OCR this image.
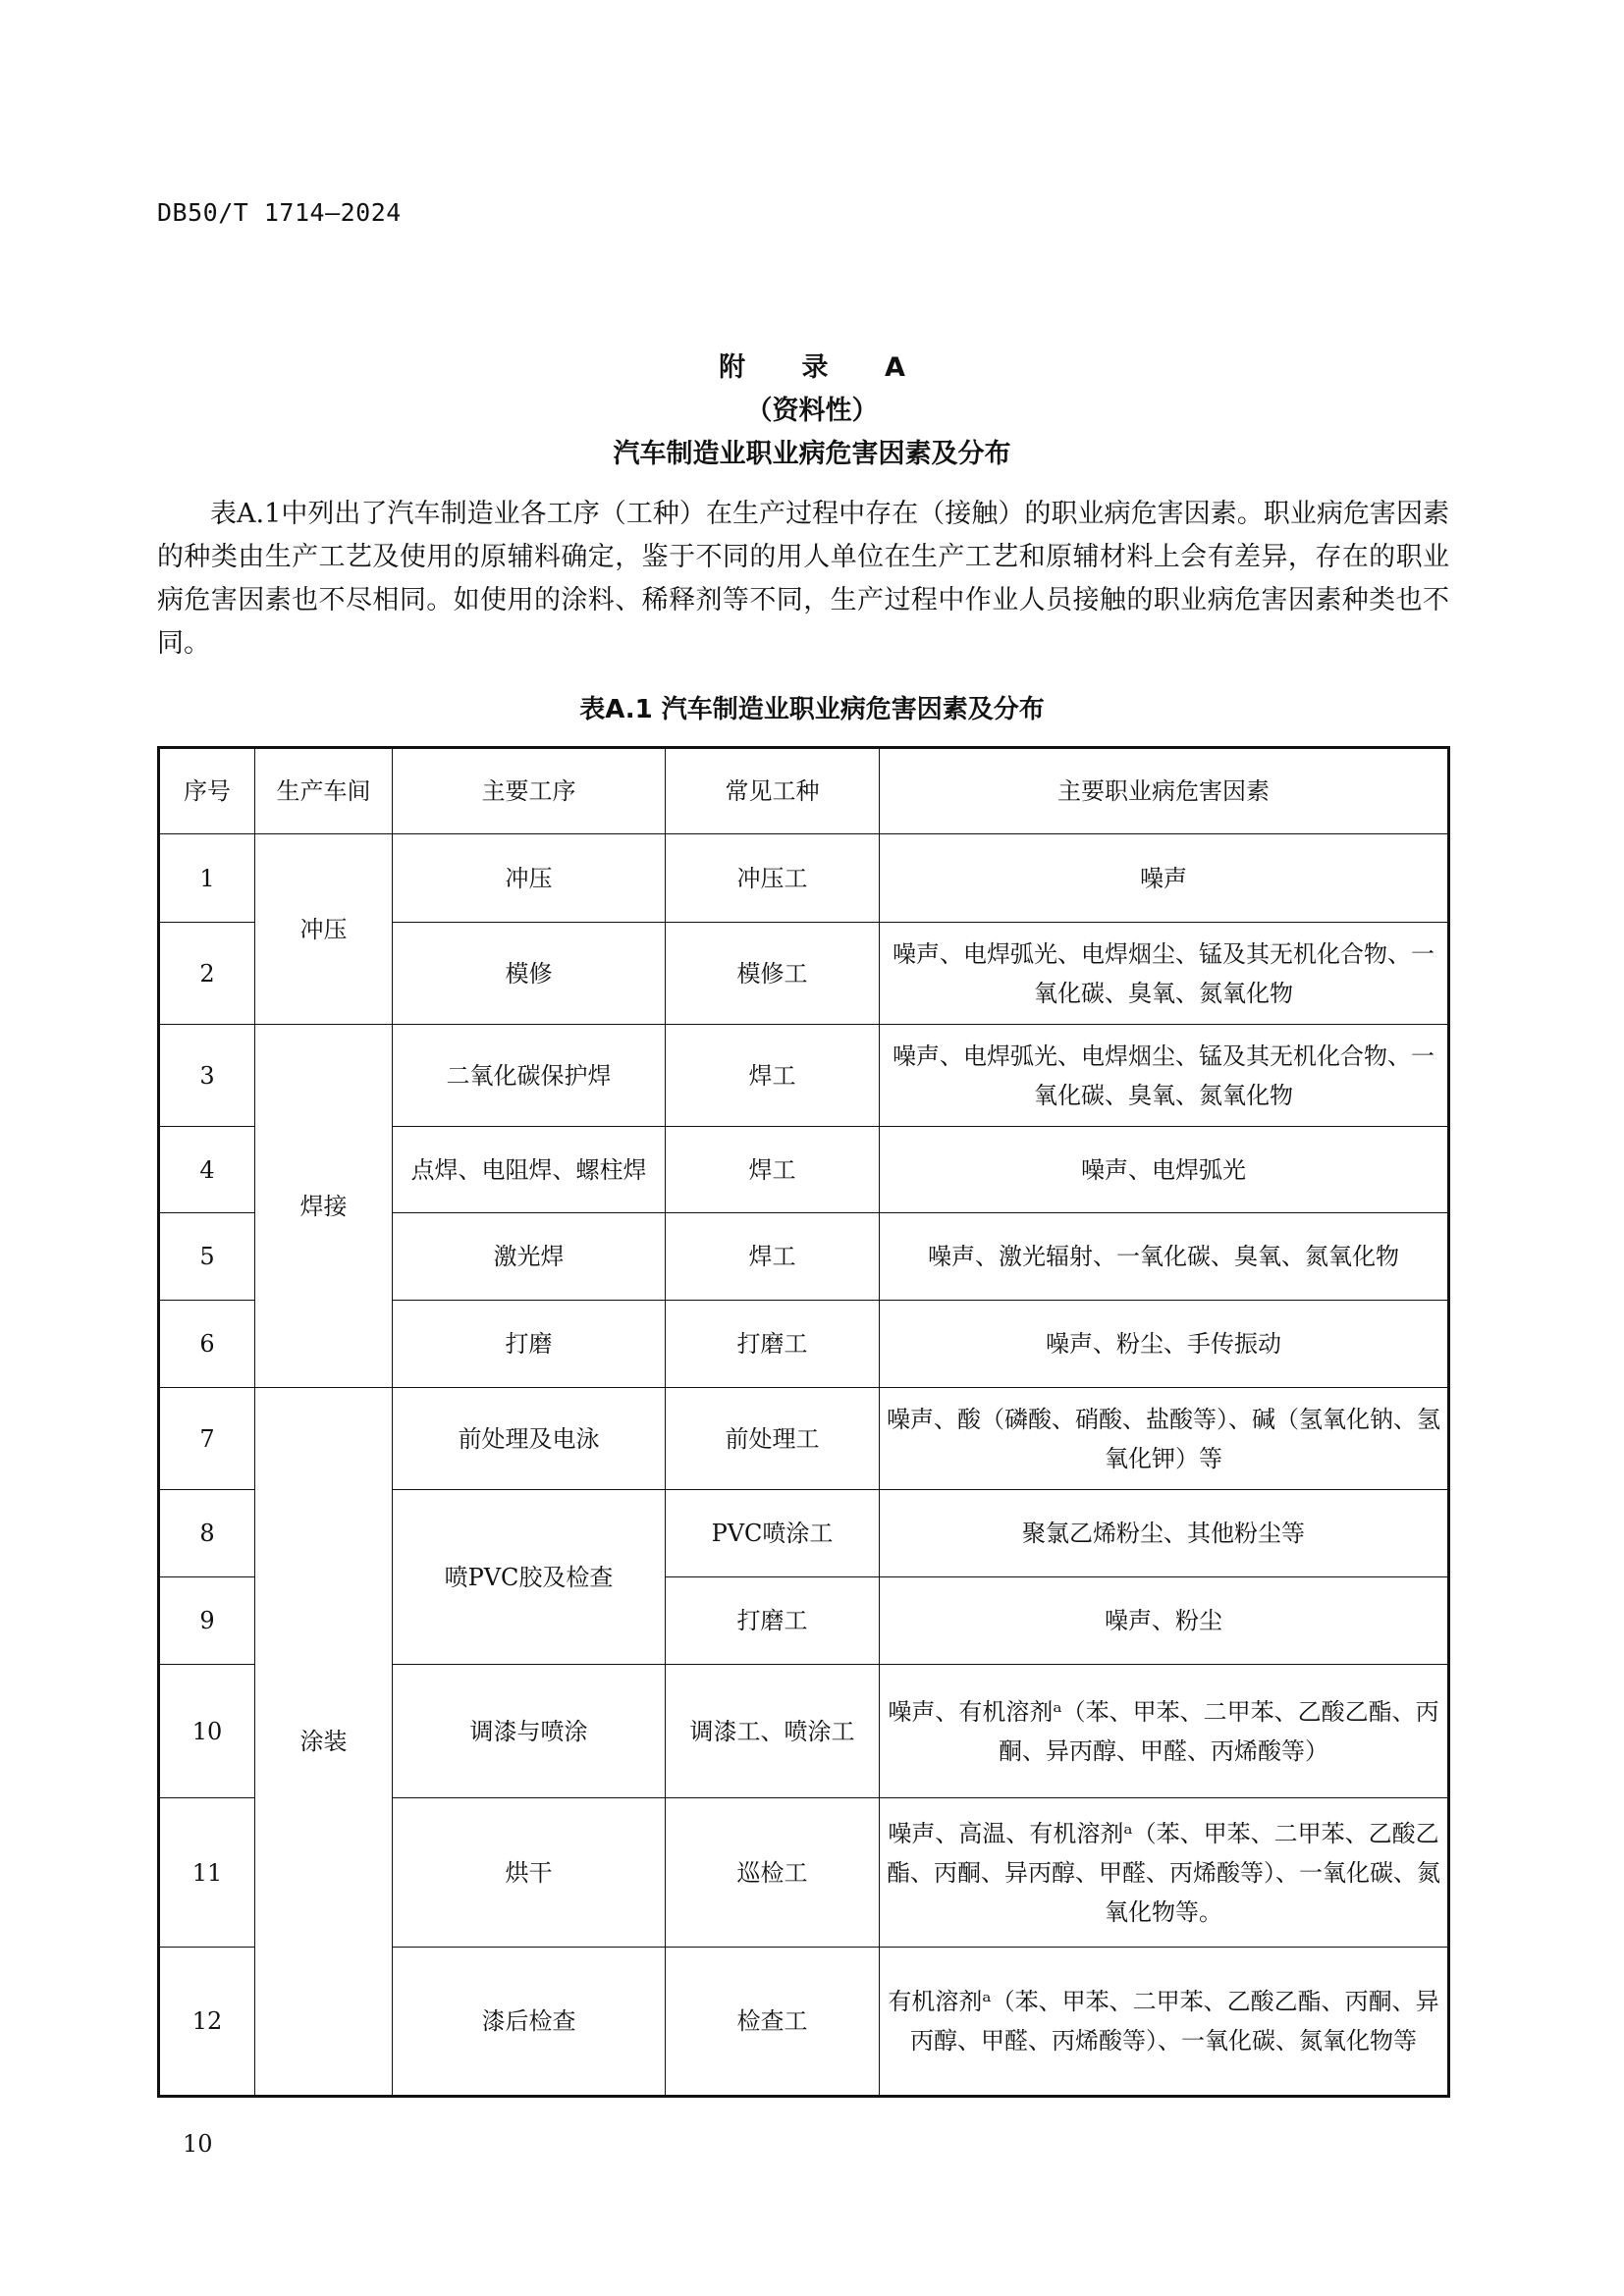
DB50/T 1714—2024
附 录 A
（资料性）
汽车制造业职业病危害因素及分布

表A.1中列出了汽车制造业各工序（工种）在生产过程中存在（接触）的职业病危害因素。职业病危害因素的种类由生产工艺及使用的原辅料确定，鉴于不同的用人单位在生产工艺和原辅材料上会有差异，存在的职业病危害因素也不尽相同。如使用的涂料、稀释剂等不同，生产过程中作业人员接触的职业病危害因素种类也不同。

表A.1 汽车制造业职业病危害因素及分布
序号	生产车间	主要工序	常见工种	主要职业病危害因素
1	冲压	冲压	冲压工	噪声
2		模修	模修工	噪声、电焊弧光、电焊烟尘、锰及其无机化合物、一氧化碳、臭氧、氮氧化物
3	焊接	二氧化碳保护焊	焊工	噪声、电焊弧光、电焊烟尘、锰及其无机化合物、一氧化碳、臭氧、氮氧化物
4		点焊、电阻焊、螺柱焊	焊工	噪声、电焊弧光
5		激光焊	焊工	噪声、激光辐射、一氧化碳、臭氧、氮氧化物
6		打磨	打磨工	噪声、粉尘、手传振动
7	涂装	前处理及电泳	前处理工	噪声、酸（磷酸、硝酸、盐酸等）、碱（氢氧化钠、氢氧化钾）等
8		喷PVC胶及检查	PVC喷涂工	聚氯乙烯粉尘、其他粉尘等
9			打磨工	噪声、粉尘
10		调漆与喷涂	调漆工、喷涂工	噪声、有机溶剂ᵃ（苯、甲苯、二甲苯、乙酸乙酯、丙酮、异丙醇、甲醛、丙烯酸等）
11		烘干	巡检工	噪声、高温、有机溶剂ᵃ（苯、甲苯、二甲苯、乙酸乙酯、丙酮、异丙醇、甲醛、丙烯酸等）、一氧化碳、氮氧化物等。
12		漆后检查	检查工	有机溶剂ᵃ（苯、甲苯、二甲苯、乙酸乙酯、丙酮、异丙醇、甲醛、丙烯酸等）、一氧化碳、氮氧化物等
10
